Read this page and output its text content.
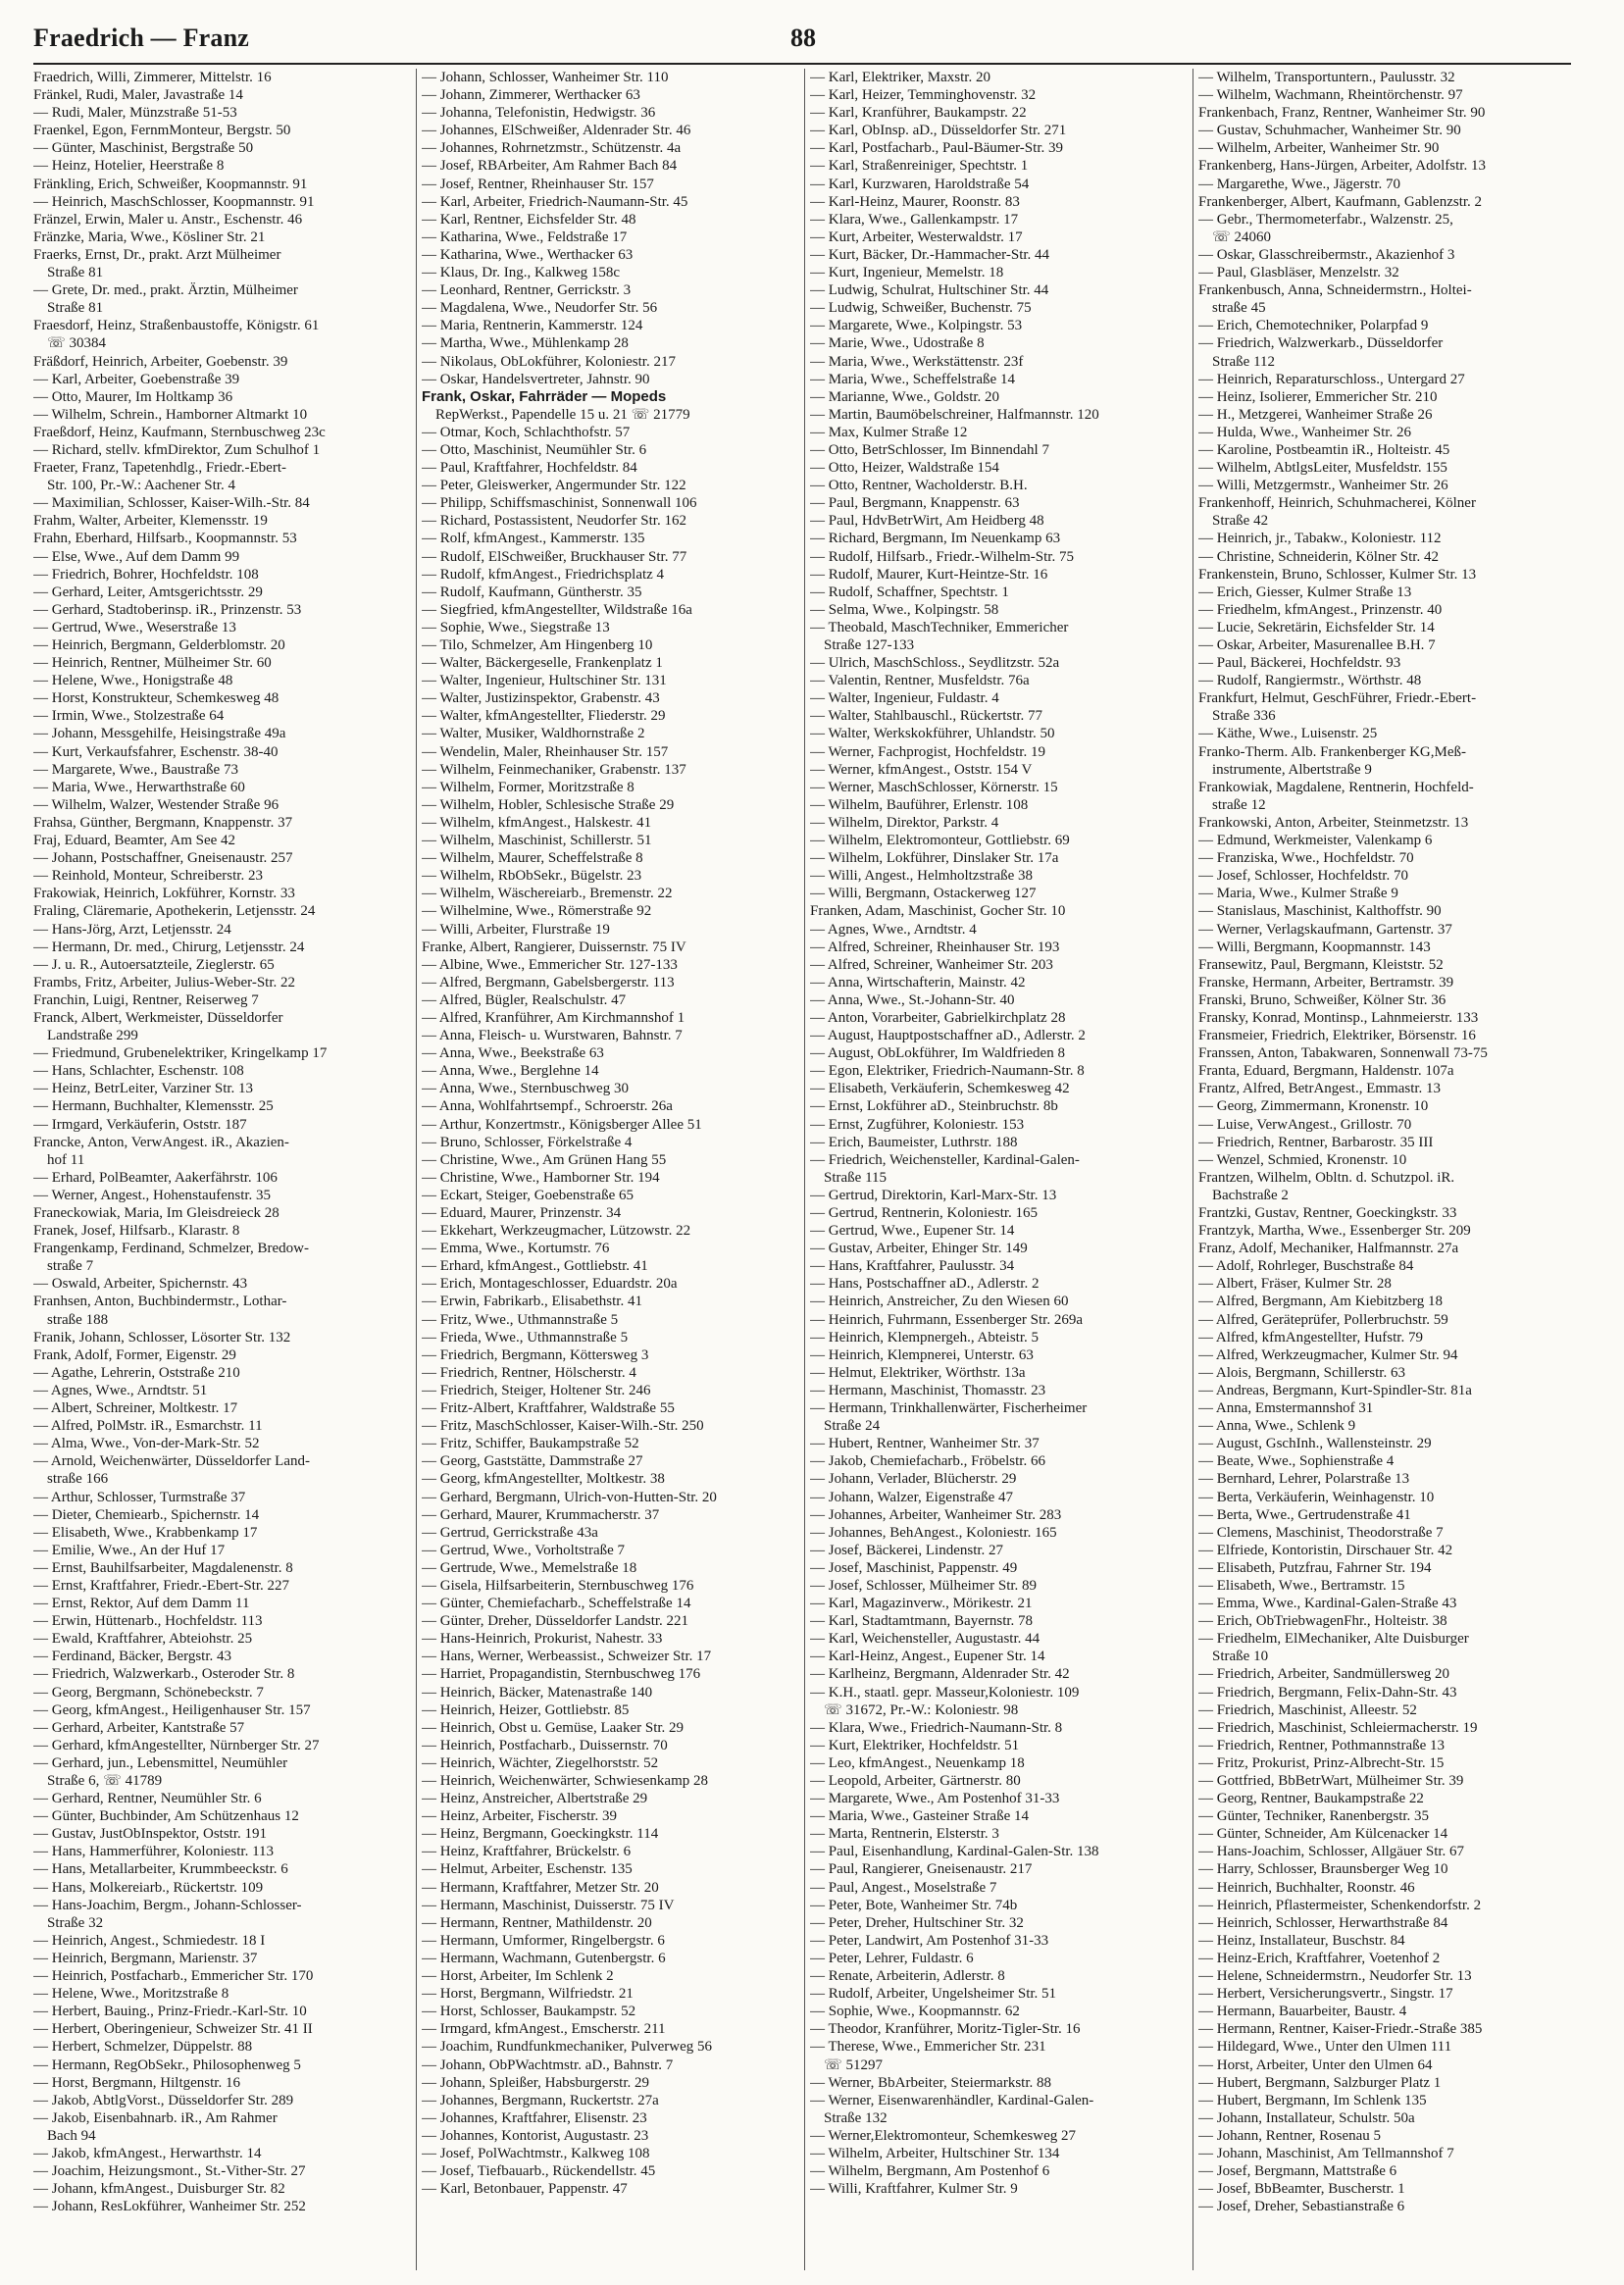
Fraedrich — Franz	88
Fraedrich, Willi, Zimmerer, Mittelstr. 16
Fränkel, Rudi, Maler, Javastraße 14
— Rudi, Maler, Münzstraße 51-53
Fraenkel, Egon, FernmMonteur, Bergstr. 50
— Günter, Maschinist, Bergstraße 50
— Heinz, Hotelier, Heerstraße 8
Fränkling, Erich, Schweißer, Koopmannstr. 91
— Heinrich, MaschSchlosser, Koopmannstr. 91
Fränzel, Erwin, Maler u. Anstr., Eschenstr. 46
Fränzke, Maria, Wwe., Kösliner Str. 21
Fraerks, Ernst, Dr., prakt. Arzt Mülheimer
Straße 81
— Grete, Dr. med., prakt. Ärztin, Mülheimer
Straße 81
Fraesdorf, Heinz, Straßenbaustoffe, Königstr. 61
☏ 30384
Fräßdorf, Heinrich, Arbeiter, Goebenstr. 39
— Karl, Arbeiter, Goebenstraße 39
— Otto, Maurer, Im Holtkamp 36
— Wilhelm, Schrein., Hamborner Altmarkt 10
Fraeßdorf, Heinz, Kaufmann, Sternbuschweg 23c
— Richard, stellv. kfmDirektor, Zum Schulhof 1
Fraeter, Franz, Tapetenhdlg., Friedr.-Ebert-
Str. 100, Pr.-W.: Aachener Str. 4
— Maximilian, Schlosser, Kaiser-Wilh.-Str. 84
Frahm, Walter, Arbeiter, Klemensstr. 19
Frahn, Eberhard, Hilfsarb., Koopmannstr. 53
— Else, Wwe., Auf dem Damm 99
— Friedrich, Bohrer, Hochfeldstr. 108
— Gerhard, Leiter, Amtsgerichtsstr. 29
— Gerhard, Stadtoberinsp. iR., Prinzenstr. 53
— Gertrud, Wwe., Weserstraße 13
— Heinrich, Bergmann, Gelderblomstr. 20
— Heinrich, Rentner, Mülheimer Str. 60
— Helene, Wwe., Honigstraße 48
— Horst, Konstrukteur, Schemkesweg 48
— Irmin, Wwe., Stolzestraße 64
— Johann, Messgehilfe, Heisingstraße 49a
— Kurt, Verkaufsfahrer, Eschenstr. 38-40
— Margarete, Wwe., Baustraße 73
— Maria, Wwe., Herwarthstraße 60
— Wilhelm, Walzer, Westender Straße 96
Frahsa, Günther, Bergmann, Knappenstr. 37
Fraj, Eduard, Beamter, Am See 42
— Johann, Postschaffner, Gneisenaustr. 257
— Reinhold, Monteur, Schreiberstr. 23
Frakowiak, Heinrich, Lokführer, Kornstr. 33
Fraling, Cläremarie, Apothekerin, Letjensstr. 24
— Hans-Jörg, Arzt, Letjensstr. 24
— Hermann, Dr. med., Chirurg, Letjensstr. 24
— J. u. R., Autoersatzteile, Zieglerstr. 65
Frambs, Fritz, Arbeiter, Julius-Weber-Str. 22
Franchin, Luigi, Rentner, Reiserweg 7
Franck, Albert, Werkmeister, Düsseldorfer
Landstraße 299
— Friedmund, Grubenelektriker, Kringelkamp 17
— Hans, Schlachter, Eschenstr. 108
— Heinz, BetrLeiter, Varziner Str. 13
— Hermann, Buchhalter, Klemensstr. 25
— Irmgard, Verkäuferin, Oststr. 187
Francke, Anton, VerwAngest. iR., Akazien-
hof 11
— Erhard, PolBeamter, Aakerfährstr. 106
— Werner, Angest., Hohenstaufenstr. 35
Franeckowiak, Maria, Im Gleisdreieck 28
Franek, Josef, Hilfsarb., Klarastr. 8
Frangenkamp, Ferdinand, Schmelzer, Bredow-
straße 7
— Oswald, Arbeiter, Spichernstr. 43
Franhsen, Anton, Buchbindermstr., Lothar-
straße 188
Franik, Johann, Schlosser, Lösorter Str. 132
Frank, Adolf, Former, Eigenstr. 29
— Agathe, Lehrerin, Oststraße 210
— Agnes, Wwe., Arndtstr. 51
— Albert, Schreiner, Moltkestr. 17
— Alfred, PolMstr. iR., Esmarchstr. 11
— Alma, Wwe., Von-der-Mark-Str. 52
— Arnold, Weichenwärter, Düsseldorfer Land-
straße 166
— Arthur, Schlosser, Turmstraße 37
— Dieter, Chemiearb., Spichernstr. 14
— Elisabeth, Wwe., Krabbenkamp 17
— Emilie, Wwe., An der Huf 17
— Ernst, Bauhilfsarbeiter, Magdalenenstr. 8
— Ernst, Kraftfahrer, Friedr.-Ebert-Str. 227
— Ernst, Rektor, Auf dem Damm 11
— Erwin, Hüttenarb., Hochfeldstr. 113
— Ewald, Kraftfahrer, Abteiohstr. 25
— Ferdinand, Bäcker, Bergstr. 43
— Friedrich, Walzwerkarb., Osteroder Str. 8
— Georg, Bergmann, Schönebeckstr. 7
— Georg, kfmAngest., Heiligenhauser Str. 157
— Gerhard, Arbeiter, Kantstraße 57
— Gerhard, kfmAngestellter, Nürnberger Str. 27
— Gerhard, jun., Lebensmittel, Neumühler
Straße 6, ☏ 41789
— Gerhard, Rentner, Neumühler Str. 6
— Günter, Buchbinder, Am Schützenhaus 12
— Gustav, JustObInspektor, Oststr. 191
— Hans, Hammerführer, Koloniestr. 113
— Hans, Metallarbeiter, Krummbeeckstr. 6
— Hans, Molkereiarb., Rückertstr. 109
— Hans-Joachim, Bergm., Johann-Schlosser-
Straße 32
— Heinrich, Angest., Schmiedestr. 18 I
— Heinrich, Bergmann, Marienstr. 37
— Heinrich, Postfacharb., Emmericher Str. 170
— Helene, Wwe., Moritzstraße 8
— Herbert, Bauing., Prinz-Friedr.-Karl-Str. 10
— Herbert, Oberingenieur, Schweizer Str. 41 II
— Herbert, Schmelzer, Düppelstr. 88
— Hermann, RegObSekr., Philosophenweg 5
— Horst, Bergmann, Hiltgenstr. 16
— Jakob, AbtlgVorst., Düsseldorfer Str. 289
— Jakob, Eisenbahnarb. iR., Am Rahmer
Bach 94
— Jakob, kfmAngest., Herwarthstr. 14
— Joachim, Heizungsmont., St.-Vither-Str. 27
— Johann, kfmAngest., Duisburger Str. 82
— Johann, ResLokführer, Wanheimer Str. 252
— Johann, Schlosser, Wanheimer Str. 110
— Johann, Zimmerer, Werthacker 63
— Johanna, Telefonistin, Hedwigstr. 36
— Johannes, ElSchweißer, Aldenrader Str. 46
— Johannes, Rohrnetzmstr., Schützenstr. 4a
— Josef, RBArbeiter, Am Rahmer Bach 84
— Josef, Rentner, Rheinhauser Str. 157
— Karl, Arbeiter, Friedrich-Naumann-Str. 45
— Karl, Rentner, Eichsfelder Str. 48
— Katharina, Wwe., Feldstraße 17
— Katharina, Wwe., Werthacker 63
— Klaus, Dr. Ing., Kalkweg 158c
— Leonhard, Rentner, Gerrickstr. 3
— Magdalena, Wwe., Neudorfer Str. 56
— Maria, Rentnerin, Kammerstr. 124
— Martha, Wwe., Mühlenkamp 28
— Nikolaus, ObLokführer, Koloniestr. 217
— Oskar, Handelsvertreter, Jahnstr. 90
Frank, Oskar, Fahrräder — Mopeds
RepWerkst., Papendelle 15 u. 21 ☏ 21779
— Otmar, Koch, Schlachthofstr. 57
— Otto, Maschinist, Neumühler Str. 6
— Paul, Kraftfahrer, Hochfeldstr. 84
— Peter, Gleiswerker, Angermunder Str. 122
— Philipp, Schiffsmaschinist, Sonnenwall 106
— Richard, Postassistent, Neudorfer Str. 162
— Rolf, kfmAngest., Kammerstr. 135
— Rudolf, ElSchweißer, Bruckhauser Str. 77
— Rudolf, kfmAngest., Friedrichsplatz 4
— Rudolf, Kaufmann, Güntherstr. 35
— Siegfried, kfmAngestellter, Wildstraße 16a
— Sophie, Wwe., Siegstraße 13
— Tilo, Schmelzer, Am Hingenberg 10
— Walter, Bäckergeselle, Frankenplatz 1
— Walter, Ingenieur, Hultschiner Str. 131
— Walter, Justizinspektor, Grabenstr. 43
— Walter, kfmAngestellter, Fliederstr. 29
— Walter, Musiker, Waldhornstraße 2
— Wendelin, Maler, Rheinhauser Str. 157
— Wilhelm, Feinmechaniker, Grabenstr. 137
— Wilhelm, Former, Moritzstraße 8
— Wilhelm, Hobler, Schlesische Straße 29
— Wilhelm, kfmAngest., Halskestr. 41
— Wilhelm, Maschinist, Schillerstr. 51
— Wilhelm, Maurer, Scheffelstraße 8
— Wilhelm, RbObSekr., Bügelstr. 23
— Wilhelm, Wäschereiarb., Bremenstr. 22
— Wilhelmine, Wwe., Römerstraße 92
— Willi, Arbeiter, Flurstraße 19
Franke, Albert, Rangierer, Duissernstr. 75 IV
— Albine, Wwe., Emmericher Str. 127-133
— Alfred, Bergmann, Gabelsbergerstr. 113
— Alfred, Bügler, Realschulstr. 47
— Alfred, Kranführer, Am Kirchmannshof 1
— Anna, Fleisch- u. Wurstwaren, Bahnstr. 7
— Anna, Wwe., Beekstraße 63
— Anna, Wwe., Berglehne 14
— Anna, Wwe., Sternbuschweg 30
— Anna, Wohlfahrtsempf., Schroerstr. 26a
— Arthur, Konzertmstr., Königsberger Allee 51
— Bruno, Schlosser, Förkelstraße 4
— Christine, Wwe., Am Grünen Hang 55
— Christine, Wwe., Hamborner Str. 194
— Eckart, Steiger, Goebenstraße 65
— Eduard, Maurer, Prinzenstr. 34
— Ekkehart, Werkzeugmacher, Lützowstr. 22
— Emma, Wwe., Kortumstr. 76
— Erhard, kfmAngest., Gottliebstr. 41
— Erich, Montageschlosser, Eduardstr. 20a
— Erwin, Fabrikarb., Elisabethstr. 41
— Fritz, Wwe., Uthmannstraße 5
— Frieda, Wwe., Uthmannstraße 5
— Friedrich, Bergmann, Köttersweg 3
— Friedrich, Rentner, Hölscherstr. 4
— Friedrich, Steiger, Holtener Str. 246
— Fritz-Albert, Kraftfahrer, Waldstraße 55
— Fritz, MaschSchlosser, Kaiser-Wilh.-Str. 250
— Fritz, Schiffer, Baukampstraße 52
— Georg, Gaststätte, Dammstraße 27
— Georg, kfmAngestellter, Moltkestr. 38
— Gerhard, Bergmann, Ulrich-von-Hutten-Str. 20
— Gerhard, Maurer, Krummacherstr. 37
— Gertrud, Gerrickstraße 43a
— Gertrud, Wwe., Vorholtstraße 7
— Gertrude, Wwe., Memelstraße 18
— Gisela, Hilfsarbeiterin, Sternbuschweg 176
— Günter, Chemiefacharb., Scheffelstraße 14
— Günter, Dreher, Düsseldorfer Landstr. 221
— Hans-Heinrich, Prokurist, Nahestr. 33
— Hans, Werner, Werbeassist., Schweizer Str. 17
— Harriet, Propagandistin, Sternbuschweg 176
— Heinrich, Bäcker, Matenastraße 140
— Heinrich, Heizer, Gottliebstr. 85
— Heinrich, Obst u. Gemüse, Laaker Str. 29
— Heinrich, Postfacharb., Duissernstr. 70
— Heinrich, Wächter, Ziegelhorststr. 52
— Heinrich, Weichenwärter, Schwiesenkamp 28
— Heinz, Anstreicher, Albertstraße 29
— Heinz, Arbeiter, Fischerstr. 39
— Heinz, Bergmann, Goeckingkstr. 114
— Heinz, Kraftfahrer, Brückelstr. 6
— Helmut, Arbeiter, Eschenstr. 135
— Hermann, Kraftfahrer, Metzer Str. 20
— Hermann, Maschinist, Duisserstr. 75 IV
— Hermann, Rentner, Mathildenstr. 20
— Hermann, Umformer, Ringelbergstr. 6
— Hermann, Wachmann, Gutenbergstr. 6
— Horst, Arbeiter, Im Schlenk 2
— Horst, Bergmann, Wilfriedstr. 21
— Horst, Schlosser, Baukampstr. 52
— Irmgard, kfmAngest., Emscherstr. 211
— Joachim, Rundfunkmechaniker, Pulverweg 56
— Johann, ObPWachtmstr. aD., Bahnstr. 7
— Johann, Spleißer, Habsburgerstr. 29
— Johannes, Bergmann, Ruckertstr. 27a
— Johannes, Kraftfahrer, Elisenstr. 23
— Johannes, Kontorist, Augustastr. 23
— Josef, PolWachtmstr., Kalkweg 108
— Josef, Tiefbauarb., Rückendellstr. 45
— Karl, Betonbauer, Pappenstr. 47
— Karl, Elektriker, Maxstr. 20
— Karl, Heizer, Temminghovenstr. 32
— Karl, Kranführer, Baukampstr. 22
— Karl, ObInsp. aD., Düsseldorfer Str. 271
— Karl, Postfacharb., Paul-Bäumer-Str. 39
— Karl, Straßenreiniger, Spechtstr. 1
— Karl, Kurzwaren, Haroldstraße 54
— Karl-Heinz, Maurer, Roonstr. 83
— Klara, Wwe., Gallenkampstr. 17
— Kurt, Arbeiter, Westerwaldstr. 17
— Kurt, Bäcker, Dr.-Hammacher-Str. 44
— Kurt, Ingenieur, Memelstr. 18
— Ludwig, Schulrat, Hultschiner Str. 44
— Ludwig, Schweißer, Buchenstr. 75
— Margarete, Wwe., Kolpingstr. 53
— Marie, Wwe., Udostraße 8
— Maria, Wwe., Werkstättenstr. 23f
— Maria, Wwe., Scheffelstraße 14
— Marianne, Wwe., Goldstr. 20
— Martin, Baumöbelschreiner, Halfmannstr. 120
— Max, Kulmer Straße 12
— Otto, BetrSchlosser, Im Binnendahl 7
— Otto, Heizer, Waldstraße 154
— Otto, Rentner, Wacholderstr. B.H.
— Paul, Bergmann, Knappenstr. 63
— Paul, HdvBetrWirt, Am Heidberg 48
— Richard, Bergmann, Im Neuenkamp 63
— Rudolf, Hilfsarb., Friedr.-Wilhelm-Str. 75
— Rudolf, Maurer, Kurt-Heintze-Str. 16
— Rudolf, Schaffner, Spechtstr. 1
— Selma, Wwe., Kolpingstr. 58
— Theobald, MaschTechniker, Emmericher
Straße 127-133
— Ulrich, MaschSchloss., Seydlitzstr. 52a
— Valentin, Rentner, Musfeldstr. 76a
— Walter, Ingenieur, Fuldastr. 4
— Walter, Stahlbauschl., Rückertstr. 77
— Walter, Werkskokführer, Uhlandstr. 50
— Werner, Fachprogist, Hochfeldstr. 19
— Werner, kfmAngest., Oststr. 154 V
— Werner, MaschSchlosser, Körnerstr. 15
— Wilhelm, Bauführer, Erlenstr. 108
— Wilhelm, Direktor, Parkstr. 4
— Wilhelm, Elektromonteur, Gottliebstr. 69
— Wilhelm, Lokführer, Dinslaker Str. 17a
— Willi, Angest., Helmholtzstraße 38
— Willi, Bergmann, Ostackerweg 127
Franken, Adam, Maschinist, Gocher Str. 10
— Agnes, Wwe., Arndtstr. 4
— Alfred, Schreiner, Rheinhauser Str. 193
— Alfred, Schreiner, Wanheimer Str. 203
— Anna, Wirtschafterin, Mainstr. 42
— Anna, Wwe., St.-Johann-Str. 40
— Anton, Vorarbeiter, Gabrielkirchplatz 28
— August, Hauptpostschaffner aD., Adlerstr. 2
— August, ObLokführer, Im Waldfrieden 8
— Egon, Elektriker, Friedrich-Naumann-Str. 8
— Elisabeth, Verkäuferin, Schemkesweg 42
— Ernst, Lokführer aD., Steinbruchstr. 8b
— Ernst, Zugführer, Koloniestr. 153
— Erich, Baumeister, Luthrstr. 188
— Friedrich, Weichensteller, Kardinal-Galen-
Straße 115
— Gertrud, Direktorin, Karl-Marx-Str. 13
— Gertrud, Rentnerin, Koloniestr. 165
— Gertrud, Wwe., Eupener Str. 14
— Gustav, Arbeiter, Ehinger Str. 149
— Hans, Kraftfahrer, Paulusstr. 34
— Hans, Postschaffner aD., Adlerstr. 2
— Heinrich, Anstreicher, Zu den Wiesen 60
— Heinrich, Fuhrmann, Essenberger Str. 269a
— Heinrich, Klempnergeh., Abteistr. 5
— Heinrich, Klempnerei, Unterstr. 63
— Helmut, Elektriker, Wörthstr. 13a
— Hermann, Maschinist, Thomasstr. 23
— Hermann, Trinkhallenwärter, Fischerheimer
Straße 24
— Hubert, Rentner, Wanheimer Str. 37
— Jakob, Chemiefacharb., Fröbelstr. 66
— Johann, Verlader, Blücherstr. 29
— Johann, Walzer, Eigenstraße 47
— Johannes, Arbeiter, Wanheimer Str. 283
— Johannes, BehAngest., Koloniestr. 165
— Josef, Bäckerei, Lindenstr. 27
— Josef, Maschinist, Pappenstr. 49
— Josef, Schlosser, Mülheimer Str. 89
— Karl, Magazinverw., Mörikestr. 21
— Karl, Stadtamtmann, Bayernstr. 78
— Karl, Weichensteller, Augustastr. 44
— Karl-Heinz, Angest., Eupener Str. 14
— Karlheinz, Bergmann, Aldenrader Str. 42
— K.H., staatl. gepr. Masseur,Koloniestr. 109
☏ 31672, Pr.-W.: Koloniestr. 98
— Klara, Wwe., Friedrich-Naumann-Str. 8
— Kurt, Elektriker, Hochfeldstr. 51
— Leo, kfmAngest., Neuenkamp 18
— Leopold, Arbeiter, Gärtnerstr. 80
— Margarete, Wwe., Am Postenhof 31-33
— Maria, Wwe., Gasteiner Straße 14
— Marta, Rentnerin, Elsterstr. 3
— Paul, Eisenhandlung, Kardinal-Galen-Str. 138
— Paul, Rangierer, Gneisenaustr. 217
— Paul, Angest., Moselstraße 7
— Peter, Bote, Wanheimer Str. 74b
— Peter, Dreher, Hultschiner Str. 32
— Peter, Landwirt, Am Postenhof 31-33
— Peter, Lehrer, Fuldastr. 6
— Renate, Arbeiterin, Adlerstr. 8
— Rudolf, Arbeiter, Ungelsheimer Str. 51
— Sophie, Wwe., Koopmannstr. 62
— Theodor, Kranführer, Moritz-Tigler-Str. 16
— Therese, Wwe., Emmericher Str. 231
☏ 51297
— Werner, BbArbeiter, Steiermarkstr. 88
— Werner, Eisenwarenhändler, Kardinal-Galen-
Straße 132
— Werner,Elektromonteur, Schemkesweg 27
— Wilhelm, Arbeiter, Hultschiner Str. 134
— Wilhelm, Bergmann, Am Postenhof 6
— Willi, Kraftfahrer, Kulmer Str. 9
— Wilhelm, Transportuntern., Paulusstr. 32
— Wilhelm, Wachmann, Rheintörchenstr. 97
Frankenbach, Franz, Rentner, Wanheimer Str. 90
— Gustav, Schuhmacher, Wanheimer Str. 90
— Wilhelm, Arbeiter, Wanheimer Str. 90
Frankenberg, Hans-Jürgen, Arbeiter, Adolfstr. 13
— Margarethe, Wwe., Jägerstr. 70
Frankenberger, Albert, Kaufmann, Gablenzstr. 2
— Gebr., Thermometerfabr., Walzenstr. 25,
☏ 24060
— Oskar, Glasschreibermstr., Akazienhof 3
— Paul, Glasbläser, Menzelstr. 32
Frankenbusch, Anna, Schneidermstrn., Holtei-
straße 45
— Erich, Chemotechniker, Polarpfad 9
— Friedrich, Walzwerkarb., Düsseldorfer
Straße 112
— Heinrich, Reparaturschloss., Untergard 27
— Heinz, Isolierer, Emmericher Str. 210
— H., Metzgerei, Wanheimer Straße 26
— Hulda, Wwe., Wanheimer Str. 26
— Karoline, Postbeamtin iR., Holteistr. 45
— Wilhelm, AbtlgsLeiter, Musfeldstr. 155
— Willi, Metzgermstr., Wanheimer Str. 26
Frankenhoff, Heinrich, Schuhmacherei, Kölner
Straße 42
— Heinrich, jr., Tabakw., Koloniestr. 112
— Christine, Schneiderin, Kölner Str. 42
Frankenstein, Bruno, Schlosser, Kulmer Str. 13
— Erich, Giesser, Kulmer Straße 13
— Friedhelm, kfmAngest., Prinzenstr. 40
— Lucie, Sekretärin, Eichsfelder Str. 14
— Oskar, Arbeiter, Masurenallee B.H. 7
— Paul, Bäckerei, Hochfeldstr. 93
— Rudolf, Rangiermstr., Wörthstr. 48
Frankfurt, Helmut, GeschFührer, Friedr.-Ebert-
Straße 336
— Käthe, Wwe., Luisenstr. 25
Franko-Therm. Alb. Frankenberger KG,Meß-
instrumente, Albertstraße 9
Frankowiak, Magdalene, Rentnerin, Hochfeld-
straße 12
Frankowski, Anton, Arbeiter, Steinmetzstr. 13
— Edmund, Werkmeister, Valenkamp 6
— Franziska, Wwe., Hochfeldstr. 70
— Josef, Schlosser, Hochfeldstr. 70
— Maria, Wwe., Kulmer Straße 9
— Stanislaus, Maschinist, Kalthoffstr. 90
— Werner, Verlagskaufmann, Gartenstr. 37
— Willi, Bergmann, Koopmannstr. 143
Fransewitz, Paul, Bergmann, Kleiststr. 52
Franske, Hermann, Arbeiter, Bertramstr. 39
Franski, Bruno, Schweißer, Kölner Str. 36
Fransky, Konrad, Montinsp., Lahnmeierstr. 133
Fransmeier, Friedrich, Elektriker, Börsenstr. 16
Franssen, Anton, Tabakwaren, Sonnenwall 73-75
Franta, Eduard, Bergmann, Haldenstr. 107a
Frantz, Alfred, BetrAngest., Emmastr. 13
— Georg, Zimmermann, Kronenstr. 10
— Luise, VerwAngest., Grillostr. 70
— Friedrich, Rentner, Barbarostr. 35 III
— Wenzel, Schmied, Kronenstr. 10
Frantzen, Wilhelm, Obltn. d. Schutzpol. iR.
Bachstraße 2
Frantzki, Gustav, Rentner, Goeckingkstr. 33
Frantzyk, Martha, Wwe., Essenberger Str. 209
Franz, Adolf, Mechaniker, Halfmannstr. 27a
— Adolf, Rohrleger, Buschstraße 84
— Albert, Fräser, Kulmer Str. 28
— Alfred, Bergmann, Am Kiebitzberg 18
— Alfred, Geräteprüfer, Pollerbruchstr. 59
— Alfred, kfmAngestellter, Hufstr. 79
— Alfred, Werkzeugmacher, Kulmer Str. 94
— Alois, Bergmann, Schillerstr. 63
— Andreas, Bergmann, Kurt-Spindler-Str. 81a
— Anna, Emstermannshof 31
— Anna, Wwe., Schlenk 9
— August, GschInh., Wallensteinstr. 29
— Beate, Wwe., Sophienstraße 4
— Bernhard, Lehrer, Polarstraße 13
— Berta, Verkäuferin, Weinhagenstr. 10
— Berta, Wwe., Gertrudenstraße 41
— Clemens, Maschinist, Theodorstraße 7
— Elfriede, Kontoristin, Dirschauer Str. 42
— Elisabeth, Putzfrau, Fahrner Str. 194
— Elisabeth, Wwe., Bertramstr. 15
— Emma, Wwe., Kardinal-Galen-Straße 43
— Erich, ObTriebwagenFhr., Holteistr. 38
— Friedhelm, ElMechaniker, Alte Duisburger
Straße 10
— Friedrich, Arbeiter, Sandmüllersweg 20
— Friedrich, Bergmann, Felix-Dahn-Str. 43
— Friedrich, Maschinist, Alleestr. 52
— Friedrich, Maschinist, Schleiermacherstr. 19
— Friedrich, Rentner, Pothmannstraße 13
— Fritz, Prokurist, Prinz-Albrecht-Str. 15
— Gottfried, BbBetrWart, Mülheimer Str. 39
— Georg, Rentner, Baukampstraße 22
— Günter, Techniker, Ranenbergstr. 35
— Günter, Schneider, Am Külcenacker 14
— Hans-Joachim, Schlosser, Allgäuer Str. 67
— Harry, Schlosser, Braunsberger Weg 10
— Heinrich, Buchhalter, Roonstr. 46
— Heinrich, Pflastermeister, Schenkendorfstr. 2
— Heinrich, Schlosser, Herwarthstraße 84
— Heinz, Installateur, Buschstr. 84
— Heinz-Erich, Kraftfahrer, Voetenhof 2
— Helene, Schneidermstrn., Neudorfer Str. 13
— Herbert, Versicherungsvertr., Singstr. 17
— Hermann, Bauarbeiter, Baustr. 4
— Hermann, Rentner, Kaiser-Friedr.-Straße 385
— Hildegard, Wwe., Unter den Ulmen 111
— Horst, Arbeiter, Unter den Ulmen 64
— Hubert, Bergmann, Salzburger Platz 1
— Hubert, Bergmann, Im Schlenk 135
— Johann, Installateur, Schulstr. 50a
— Johann, Rentner, Rosenau 5
— Johann, Maschinist, Am Tellmannshof 7
— Josef, Bergmann, Mattstraße 6
— Josef, BbBeamter, Buscherstr. 1
— Josef, Dreher, Sebastianstraße 6
